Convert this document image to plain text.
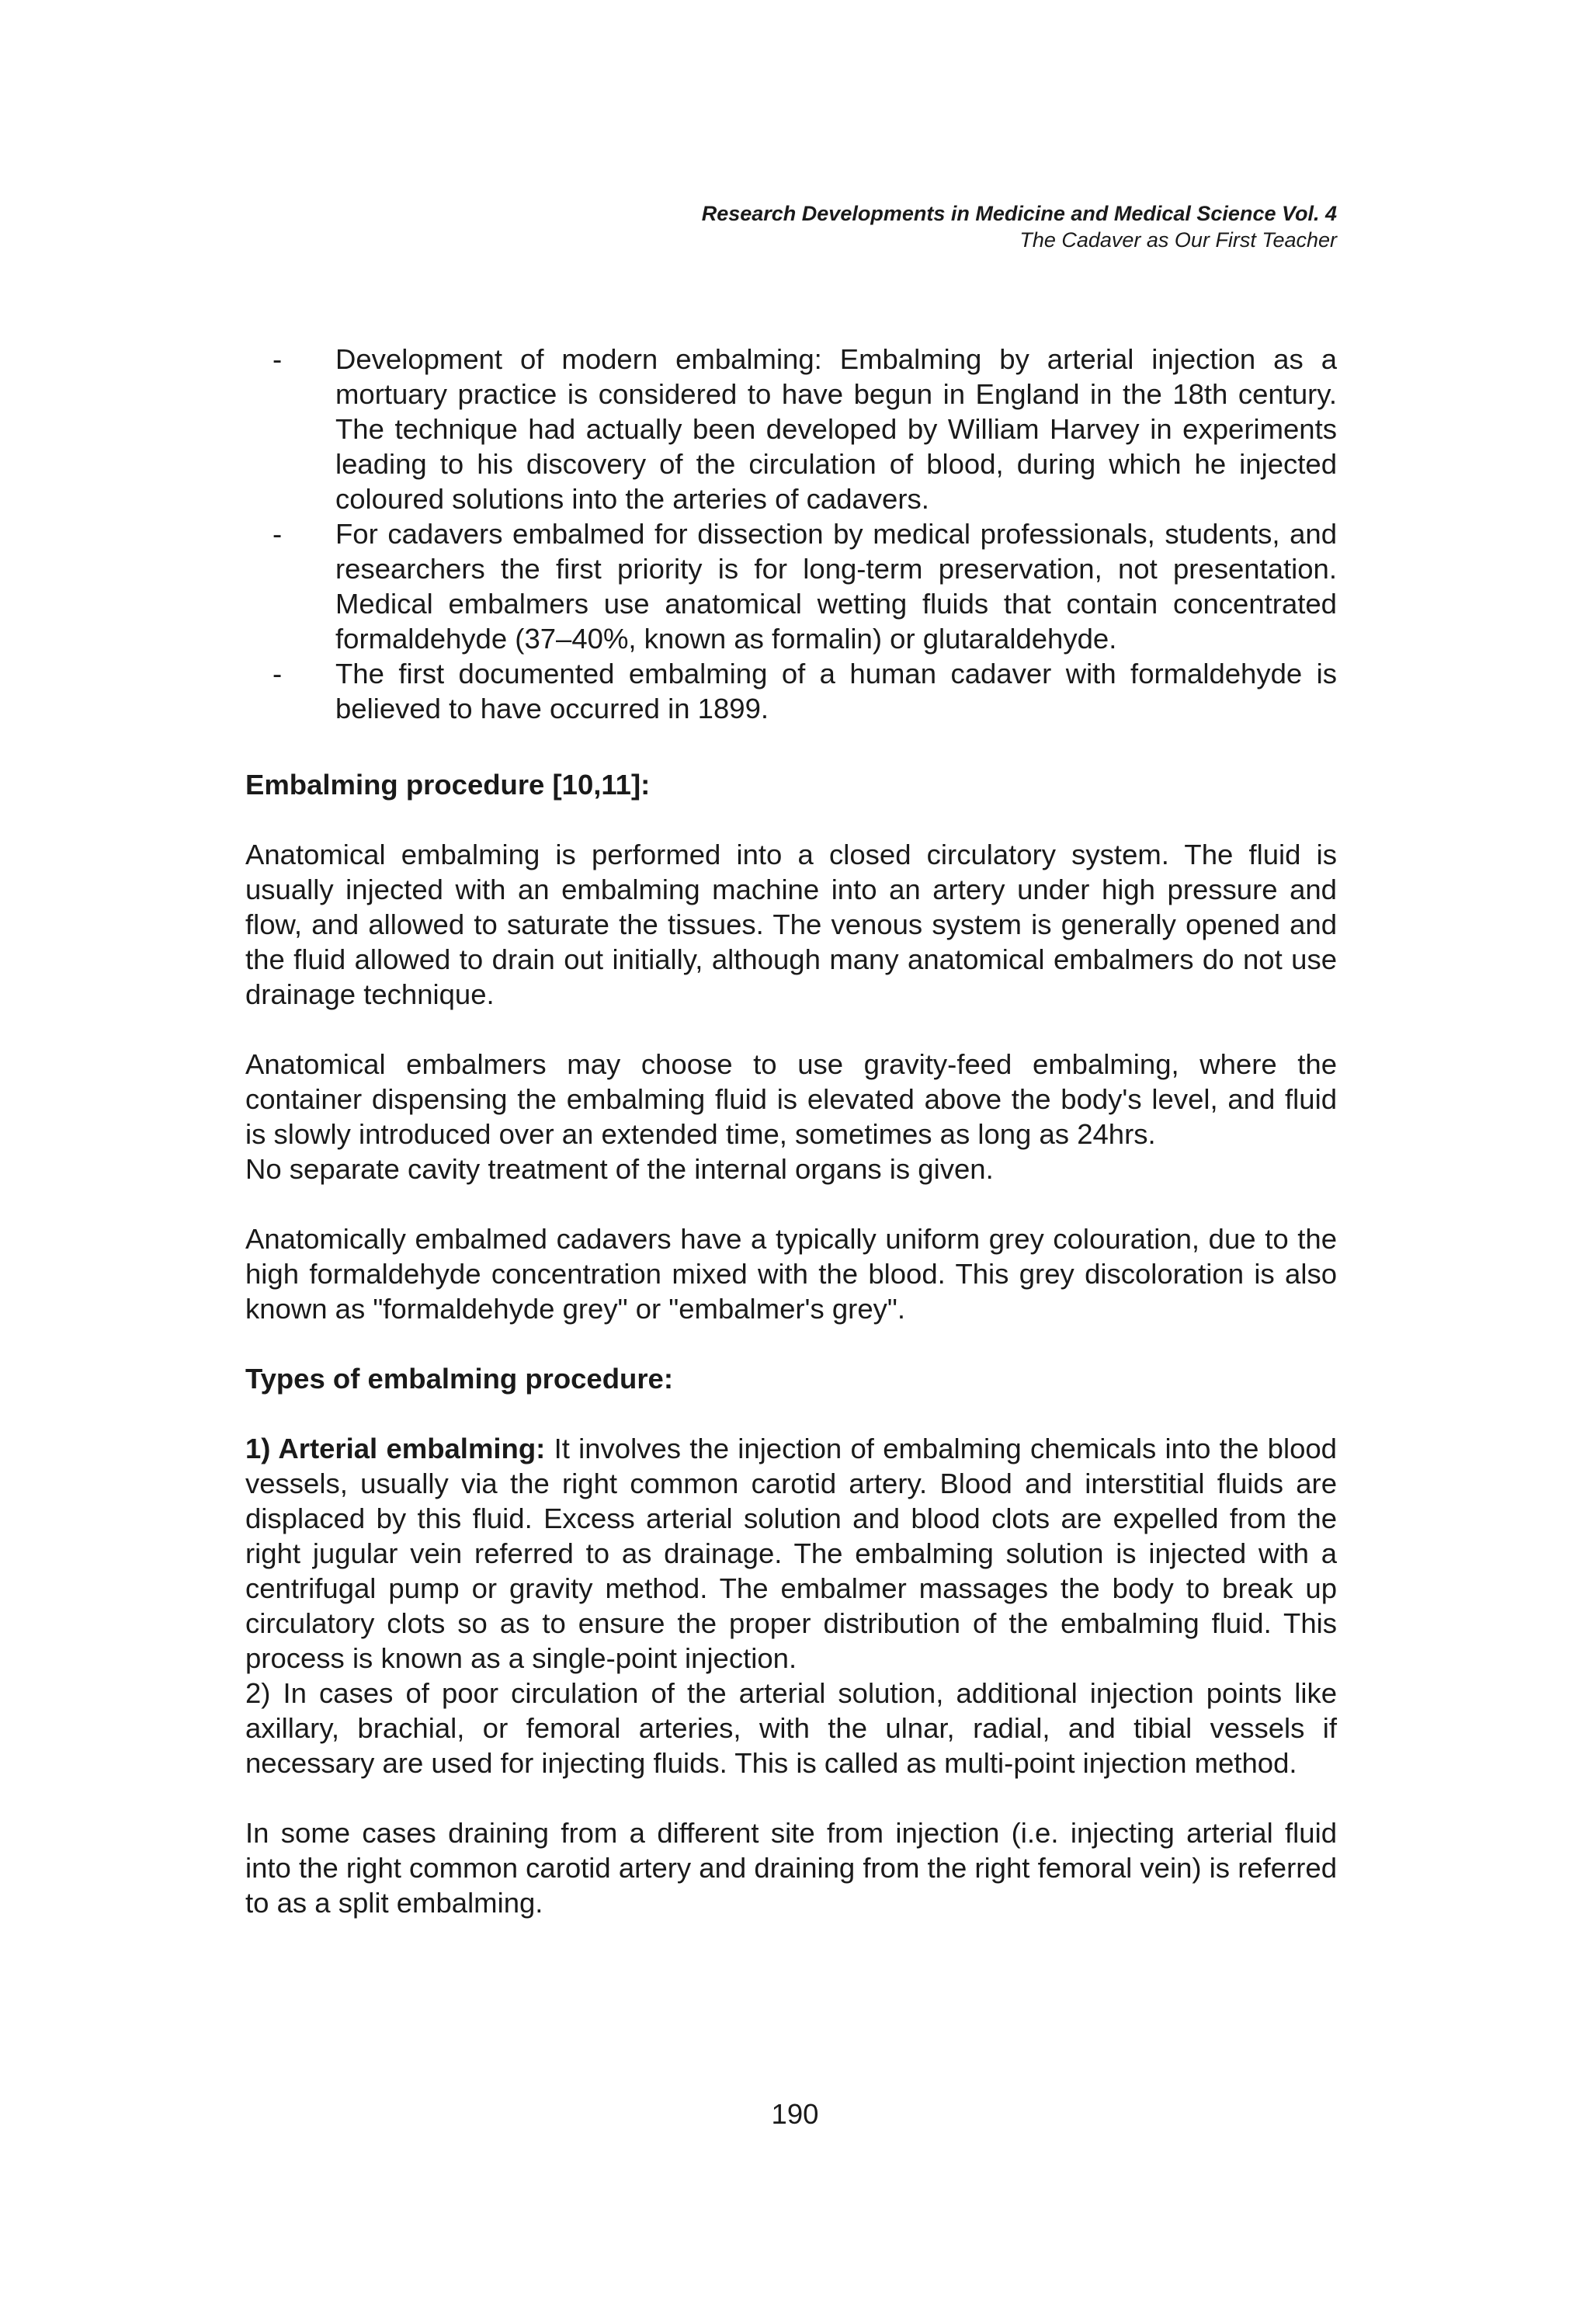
Research Developments in Medicine and Medical Science Vol. 4
The Cadaver as Our First Teacher
- Development of modern embalming: Embalming by arterial injection as a mortuary practice is considered to have begun in England in the 18th century. The technique had actually been developed by William Harvey in experiments leading to his discovery of the circulation of blood, during which he injected coloured solutions into the arteries of cadavers.
- For cadavers embalmed for dissection by medical professionals, students, and researchers the first priority is for long-term preservation, not presentation. Medical embalmers use anatomical wetting fluids that contain concentrated formaldehyde (37–40%, known as formalin) or glutaraldehyde.
- The first documented embalming of a human cadaver with formaldehyde is believed to have occurred in 1899.

Embalming procedure [10,11]:

Anatomical embalming is performed into a closed circulatory system. The fluid is usually injected with an embalming machine into an artery under high pressure and flow, and allowed to saturate the tissues. The venous system is generally opened and the fluid allowed to drain out initially, although many anatomical embalmers do not use drainage technique.

Anatomical embalmers may choose to use gravity-feed embalming, where the container dispensing the embalming fluid is elevated above the body's level, and fluid is slowly introduced over an extended time, sometimes as long as 24hrs.

No separate cavity treatment of the internal organs is given.

Anatomically embalmed cadavers have a typically uniform grey colouration, due to the high formaldehyde concentration mixed with the blood. This grey discoloration is also known as "formaldehyde grey" or "embalmer's grey".

Types of embalming procedure:

1) Arterial embalming: It involves the injection of embalming chemicals into the blood vessels, usually via the right common carotid artery. Blood and interstitial fluids are displaced by this fluid. Excess arterial solution and blood clots are expelled from the right jugular vein referred to as drainage. The embalming solution is injected with a centrifugal pump or gravity method. The embalmer massages the body to break up circulatory clots so as to ensure the proper distribution of the embalming fluid. This process is known as a single-point injection.

2) In cases of poor circulation of the arterial solution, additional injection points like axillary, brachial, or femoral arteries, with the ulnar, radial, and tibial vessels if necessary are used for injecting fluids. This is called as multi-point injection method.

In some cases draining from a different site from injection (i.e. injecting arterial fluid into the right common carotid artery and draining from the right femoral vein) is referred to as a split embalming.

190
